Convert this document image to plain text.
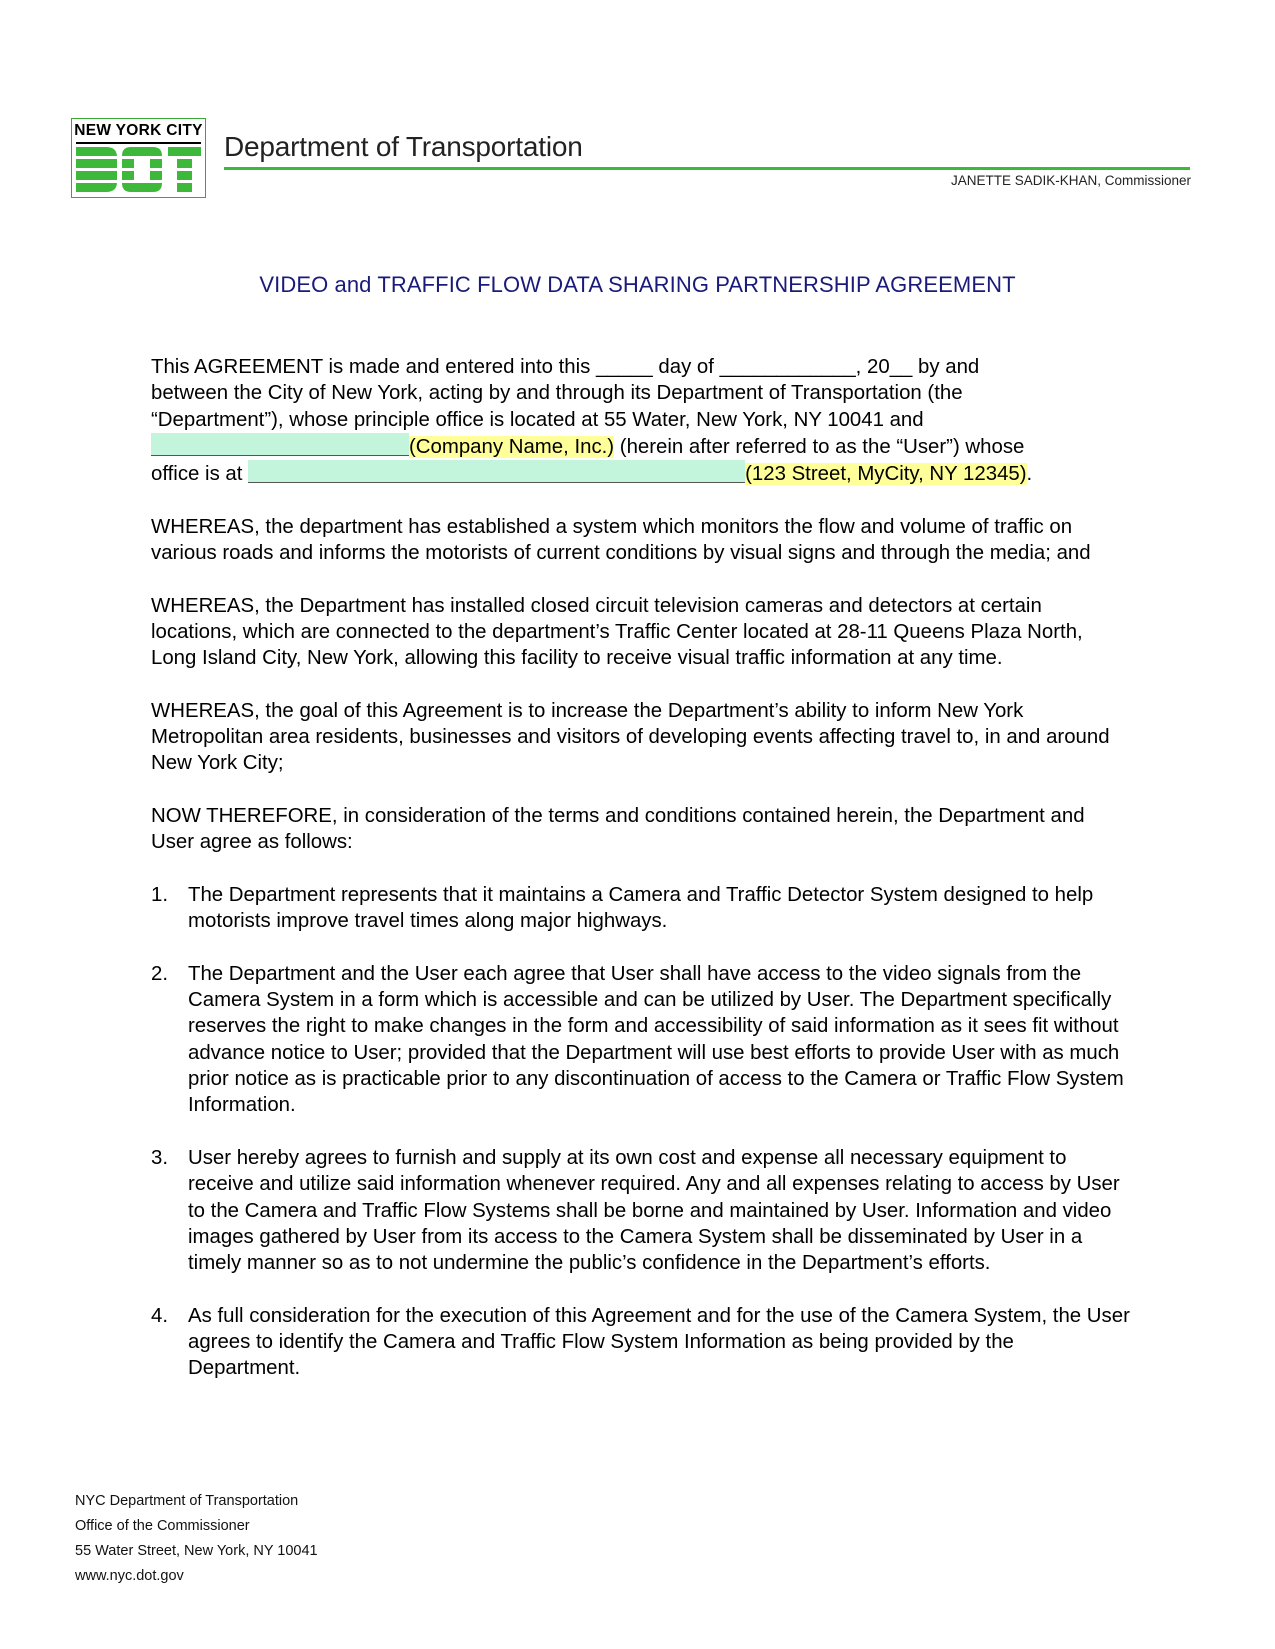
NEW YORK CITY
Department of Transportation
JANETTE SADIK-KHAN, Commissioner
VIDEO and TRAFFIC FLOW DATA SHARING PARTNERSHIP AGREEMENT

This AGREEMENT is made and entered into this _____ day of ____________, 20__ by and
between the City of New York, acting by and through its Department of Transportation (the
“Department”), whose principle office is located at 55 Water, New York, NY 10041 and
(Company Name, Inc.) (herein after referred to as the “User”) whose
office is at	(123 Street, MyCity, NY 12345).

WHEREAS, the department has established a system which monitors the flow and volume of traffic on various roads and informs the motorists of current conditions by visual signs and through the media; and

WHEREAS, the Department has installed closed circuit television cameras and detectors at certain locations, which are connected to the department’s Traffic Center located at 28-11 Queens Plaza North, Long Island City, New York, allowing this facility to receive visual traffic information at any time.

WHEREAS, the goal of this Agreement is to increase the Department’s ability to inform New York Metropolitan area residents, businesses and visitors of developing events affecting travel to, in and around New York City;

NOW THEREFORE, in consideration of the terms and conditions contained herein, the Department and User agree as follows:

1. The Department represents that it maintains a Camera and Traffic Detector System designed to help motorists improve travel times along major highways.
2. The Department and the User each agree that User shall have access to the video signals from the Camera System in a form which is accessible and can be utilized by User. The Department specifically reserves the right to make changes in the form and accessibility of said information as it sees fit without advance notice to User; provided that the Department will use best efforts to provide User with as much prior notice as is practicable prior to any discontinuation of access to the Camera or Traffic Flow System Information.
3. User hereby agrees to furnish and supply at its own cost and expense all necessary equipment to receive and utilize said information whenever required. Any and all expenses relating to access by User to the Camera and Traffic Flow Systems shall be borne and maintained by User. Information and video images gathered by User from its access to the Camera System shall be disseminated by User in a timely manner so as to not undermine the public’s confidence in the Department’s efforts.
4. As full consideration for the execution of this Agreement and for the use of the Camera System, the User agrees to identify the Camera and Traffic Flow System Information as being provided by the Department.
NYC Department of Transportation
Office of the Commissioner
55 Water Street, New York, NY 10041
www.nyc.dot.gov
